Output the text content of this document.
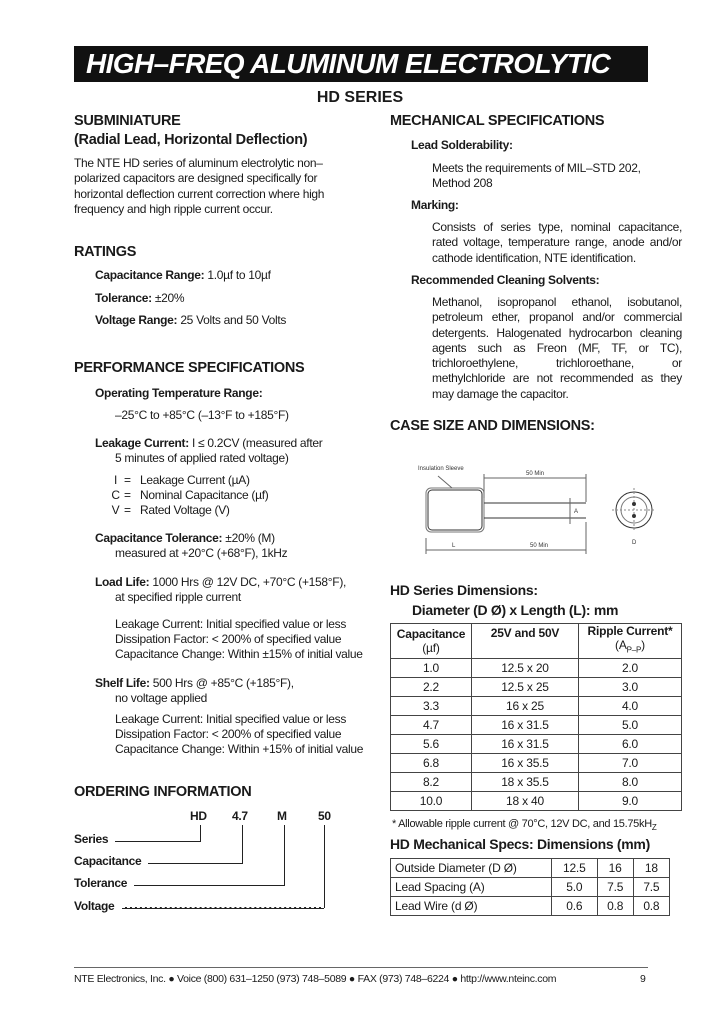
HIGH–FREQ ALUMINUM ELECTROLYTIC
HD SERIES
SUBMINIATURE
(Radial Lead, Horizontal Deflection)
The NTE HD series of aluminum electrolytic non–polarized capacitors are designed specifically for horizontal deflection current correction where high frequency and high ripple current occur.
RATINGS
Capacitance Range: 1.0µf to 10µf
Tolerance: ±20%
Voltage Range: 25 Volts and 50 Volts
PERFORMANCE SPECIFICATIONS
Operating Temperature Range:
–25°C to +85°C (–13°F to +185°F)
Leakage Current: I ≤ 0.2CV (measured after
5 minutes of applied rated voltage)
I = Leakage Current (µA)
C = Nominal Capacitance (µf)
V = Rated Voltage (V)
Capacitance Tolerance: ±20% (M)
measured at +20°C (+68°F), 1kHz
Load Life: 1000 Hrs @ 12V DC, +70°C (+158°F),
at specified ripple current
Leakage Current: Initial specified value or less
Dissipation Factor: < 200% of specified value
Capacitance Change: Within ±15% of initial value
Shelf Life: 500 Hrs @ +85°C (+185°F),
no voltage applied
Leakage Current: Initial specified value or less
Dissipation Factor: < 200% of specified value
Capacitance Change: Within +15% of initial value
ORDERING INFORMATION
HD 4.7 M	50
Series
Capacitance
Tolerance
Voltage
MECHANICAL SPECIFICATIONS
Lead Solderability:
Meets the requirements of MIL–STD 202, Method 208
Marking:
Consists of series type, nominal capacitance, rated voltage, temperature range, anode and/or cathode identification, NTE identification.
Recommended Cleaning Solvents:
Methanol, isopropanol ethanol, isobutanol, petroleum ether, propanol and/or commercial detergents. Halogenated hydrocarbon cleaning agents such as Freon (MF, TF, or TC), trichloroethylene, trichloroethane, or methylchloride are not recommended as they may damage the capacitor.
CASE SIZE AND DIMENSIONS:
Insulation Sleeve
50 Min
50 Min
L
A
D
HD Series Dimensions:
Diameter (D Ø) x Length (L): mm
Capacitance
(µf)	25V and 50V	Ripple Current*
$(A_{P-P})$
1.0	12.5 x 20	2.0
2.2	12.5 x 25	3.0
3.3	16 x 25	4.0
4.7	16 x 31.5	5.0
5.6	16 x 31.5	6.0
6.8	16 x 35.5	7.0
8.2	18 x 35.5	8.0
10.0	18 x 40	9.0
* Allowable ripple current @ 70°C, 12V DC, and $15.75kH_Z$
HD Mechanical Specs: Dimensions (mm)
Outside Diameter (D Ø)	12.5	16	18
Lead Spacing (A)	5.0	7.5	7.5
Lead Wire (d Ø)	0.6	0.8	0.8
NTE Electronics, Inc. ● Voice (800) 631–1250 (973) 748–5089 ● FAX (973) 748–6224 ● http://www.nteinc.com	9
